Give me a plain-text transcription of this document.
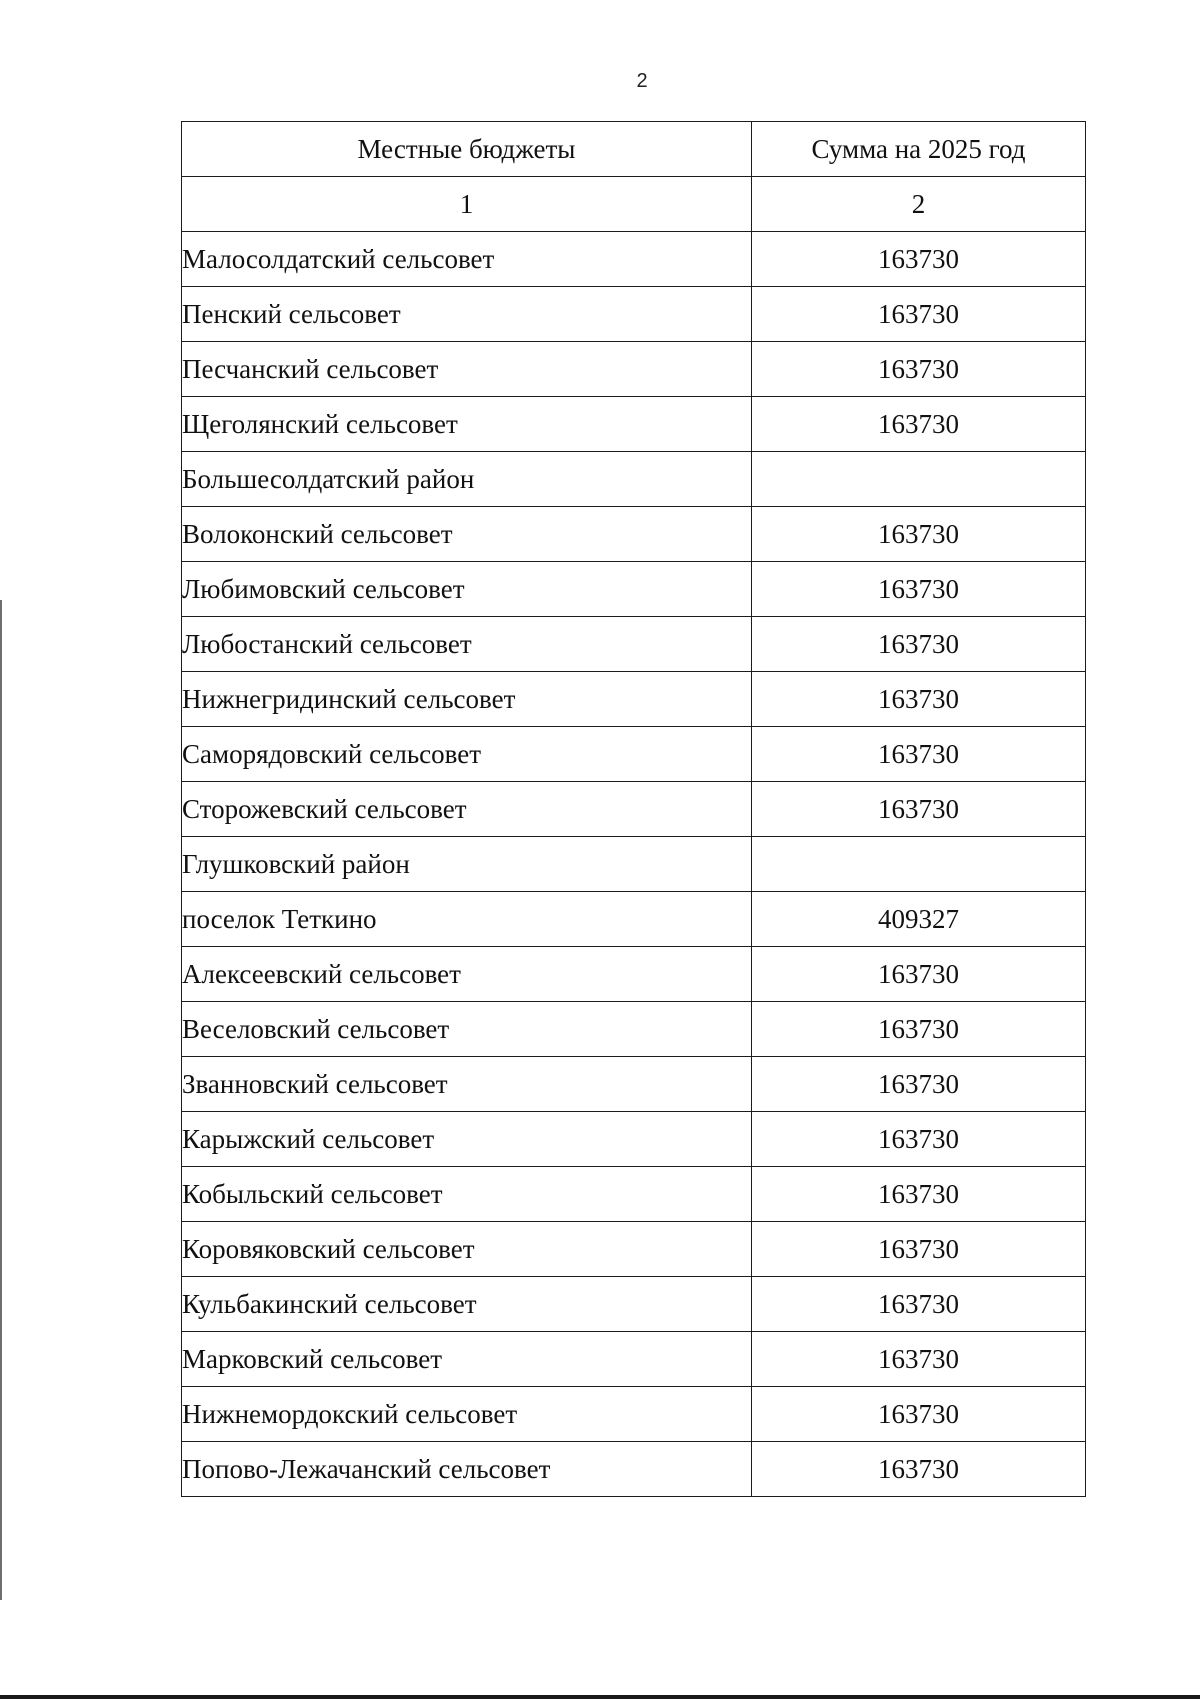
2
Местные бюджеты	Сумма на 2025 год
1	2
Малосолдатский сельсовет	163730
Пенский сельсовет	163730
Песчанский сельсовет	163730
Щеголянский сельсовет	163730
Большесолдатский район	
Волоконский сельсовет	163730
Любимовский сельсовет	163730
Любостанский сельсовет	163730
Нижнегридинский сельсовет	163730
Саморядовский сельсовет	163730
Сторожевский сельсовет	163730
Глушковский район	
поселок Теткино	409327
Алексеевский сельсовет	163730
Веселовский сельсовет	163730
Званновский сельсовет	163730
Карыжский сельсовет	163730
Кобыльский сельсовет	163730
Коровяковский сельсовет	163730
Кульбакинский сельсовет	163730
Марковский сельсовет	163730
Нижнемордокский сельсовет	163730
Попово-Лежачанский сельсовет	163730
